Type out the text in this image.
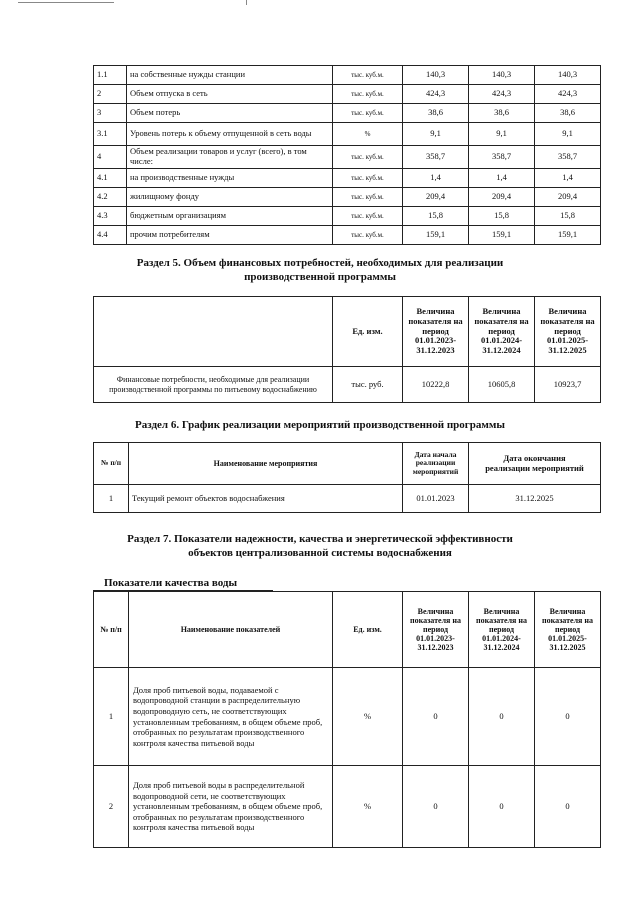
1.1	на собственные нужды станции	тыс. куб.м.	140,3	140,3	140,3
2	Объем отпуска в сеть	тыс. куб.м.	424,3	424,3	424,3
3	Объем потерь	тыс. куб.м.	38,6	38,6	38,6
3.1	Уровень потерь к объему отпущенной в сеть воды	%	9,1	9,1	9,1
4	Объем реализации товаров и услуг (всего), в том числе:	тыс. куб.м.	358,7	358,7	358,7
4.1	на производственные нужды	тыс. куб.м.	1,4	1,4	1,4
4.2	жилищному фонду	тыс. куб.м.	209,4	209,4	209,4
4.3	бюджетным организациям	тыс. куб.м.	15,8	15,8	15,8
4.4	прочим потребителям	тыс. куб.м.	159,1	159,1	159,1
Раздел 5. Объем финансовых потребностей, необходимых для реализации
производственной программы
	Ед. изм.	Величина показателя на период 01.01.2023-31.12.2023	Величина показателя на период 01.01.2024-31.12.2024	Величина показателя на период 01.01.2025-31.12.2025
Финансовые потребности, необходимые для реализации производственной программы по питьевому водоснабжению	тыс. руб.	10222,8	10605,8	10923,7
Раздел 6. График реализации мероприятий производственной программы
№ п/п	Наименование мероприятия	Дата начала реализации мероприятий	Дата окончания реализации мероприятий
1	Текущий ремонт объектов водоснабжения	01.01.2023	31.12.2025
Раздел 7. Показатели надежности, качества и энергетической эффективности
объектов централизованной системы водоснабжения
Показатели качества воды
№ п/п	Наименование показателей	Ед. изм.	Величина показателя на период 01.01.2023-31.12.2023	Величина показателя на период 01.01.2024-31.12.2024	Величина показателя на период 01.01.2025-31.12.2025
1	Доля проб питьевой воды, подаваемой с водопроводной станции в распределительную водопроводную сеть, не соответствующих установленным требованиям, в общем объеме проб, отобранных по результатам производственного контроля качества питьевой воды	%	0	0	0
2	Доля проб питьевой воды в распределительной водопроводной сети, не соответствующих установленным требованиям, в общем объеме проб, отобранных по результатам производственного контроля качества питьевой воды	%	0	0	0
